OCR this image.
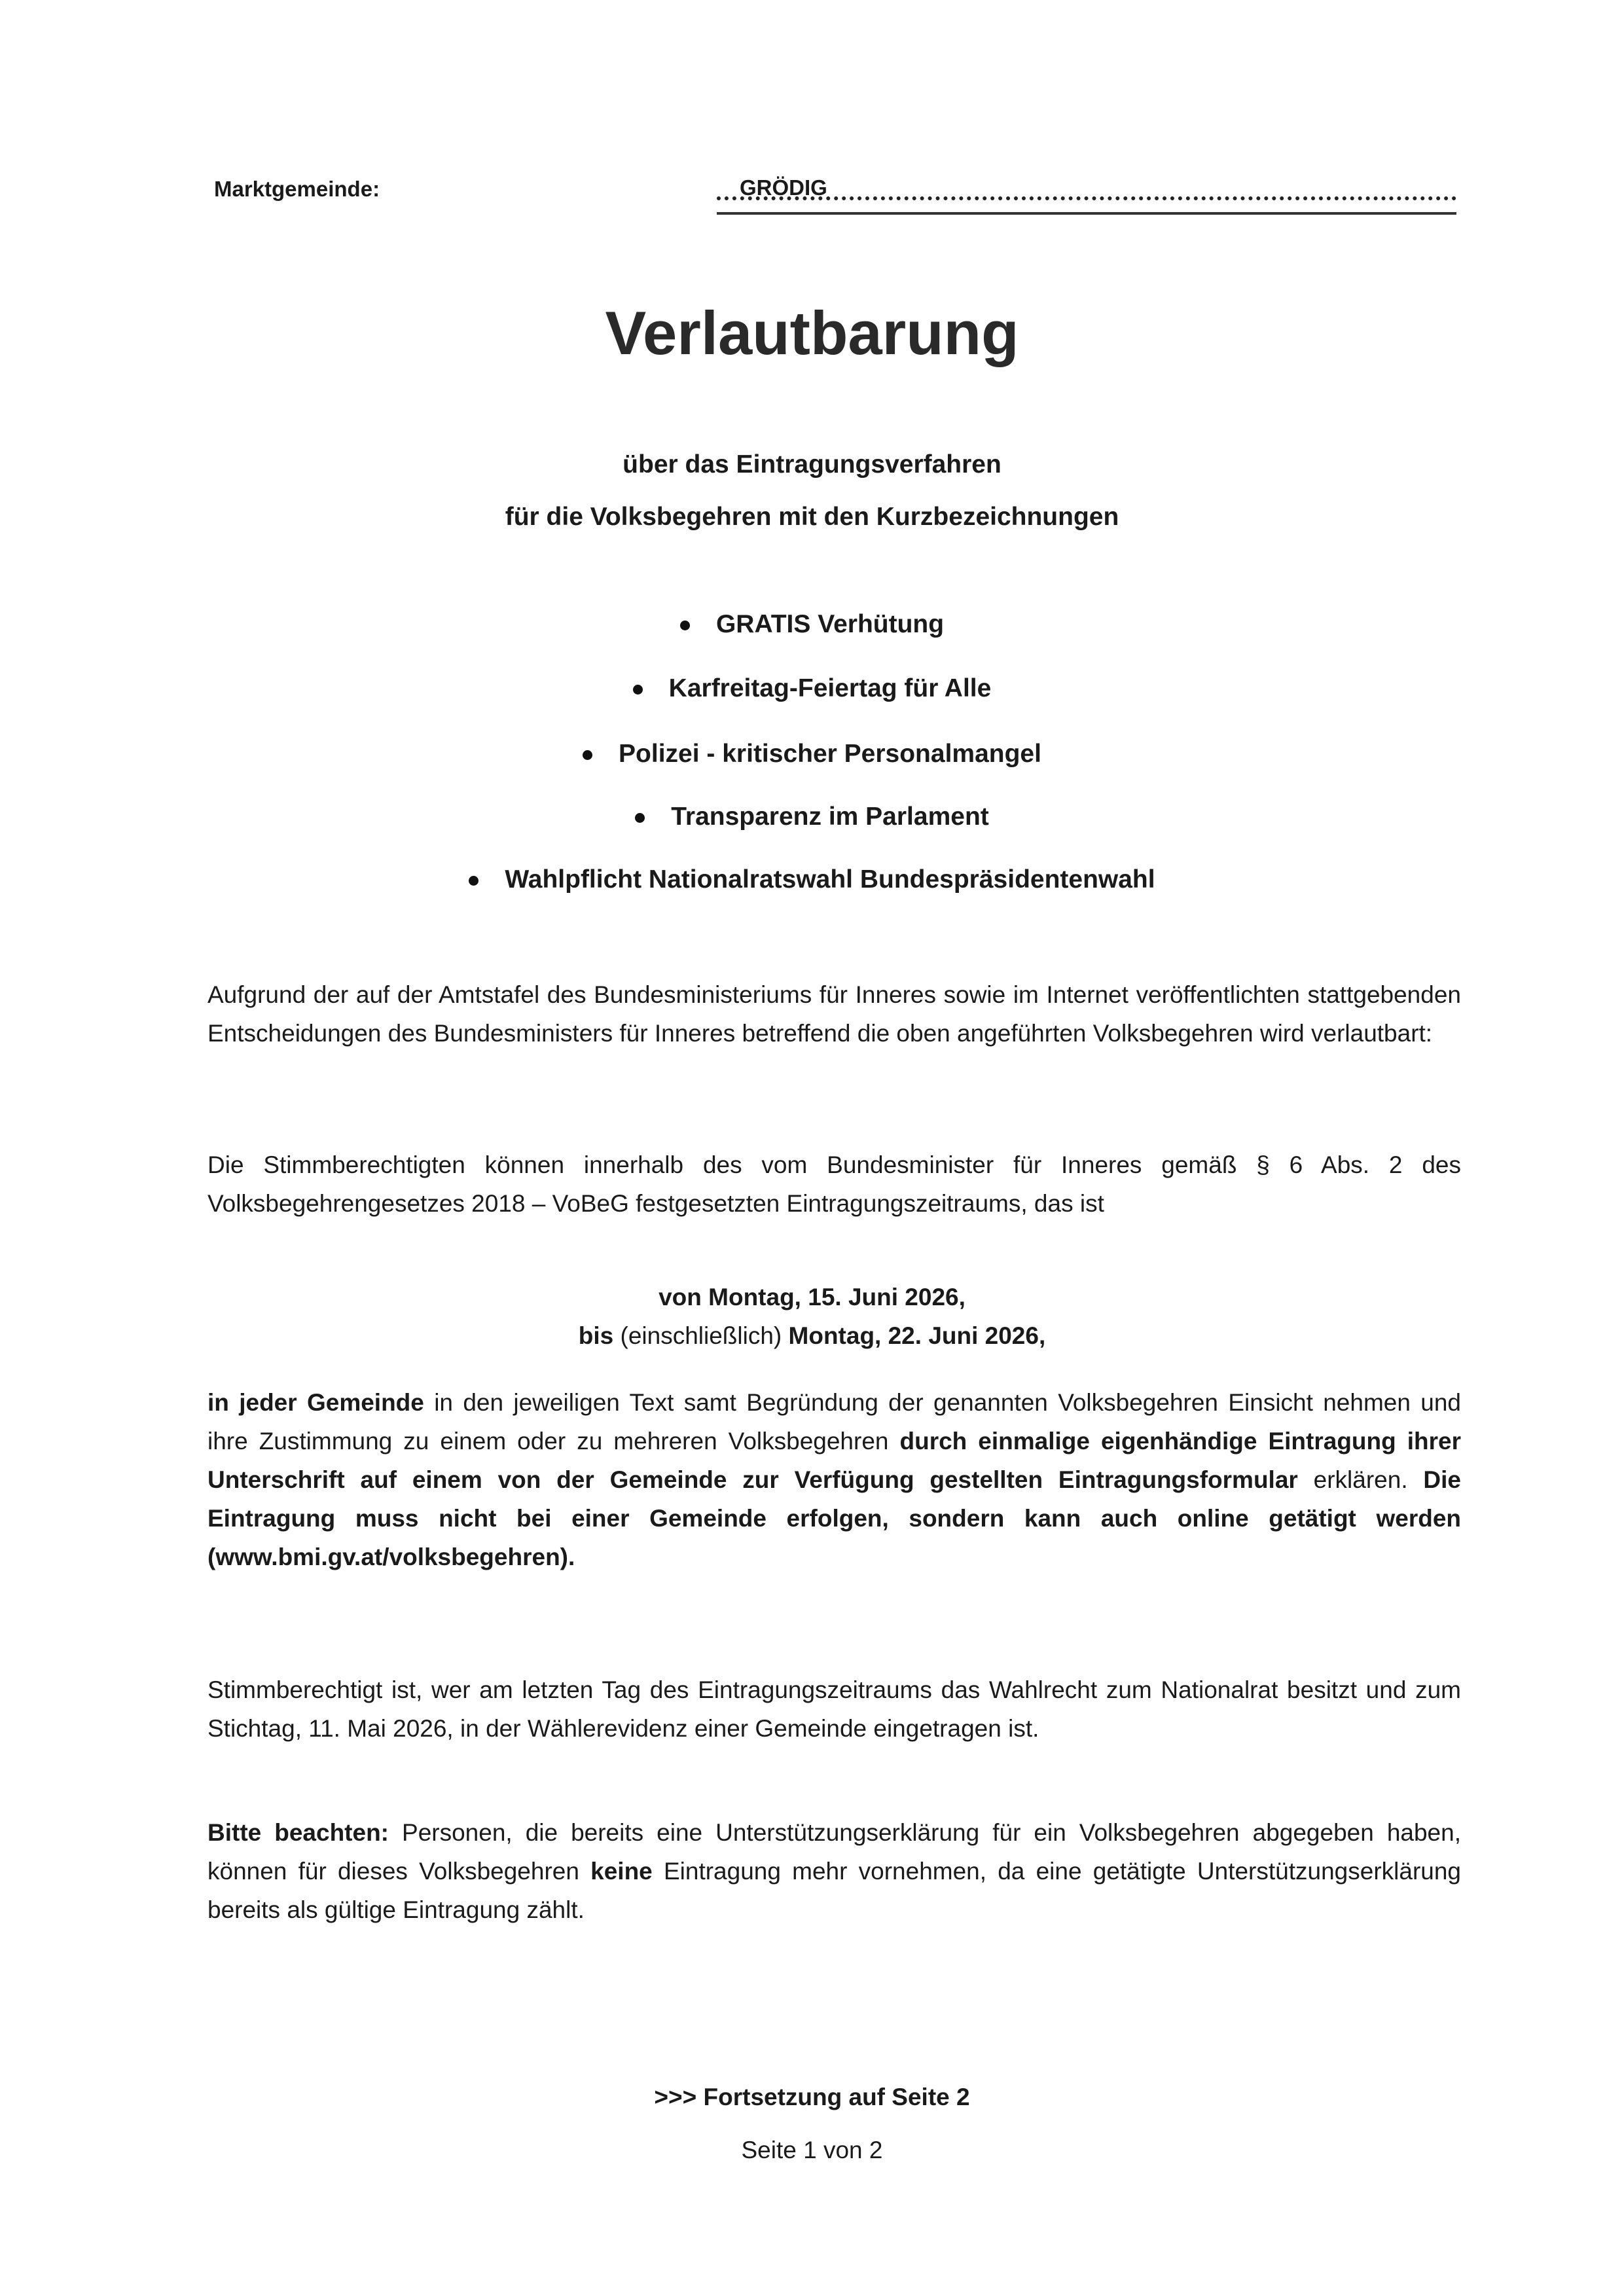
Marktgemeinde:	GRÖDIG
Verlautbarung
über das Eintragungsverfahren
für die Volksbegehren mit den Kurzbezeichnungen
GRATIS Verhütung
Karfreitag-Feiertag für Alle
Polizei - kritischer Personalmangel
Transparenz im Parlament
Wahlpflicht Nationalratswahl Bundespräsidentenwahl
Aufgrund der auf der Amtstafel des Bundesministeriums für Inneres sowie im Internet veröffentlichten stattgebenden Entscheidungen des Bundesministers für Inneres betreffend die oben angeführten Volksbegehren wird verlautbart:
Die Stimmberechtigten können innerhalb des vom Bundesminister für Inneres gemäß § 6 Abs. 2 des Volksbegehrengesetzes 2018 – VoBeG festgesetzten Eintragungszeitraums, das ist
von Montag, 15. Juni 2026,
bis (einschließlich) Montag, 22. Juni 2026,
in jeder Gemeinde in den jeweiligen Text samt Begründung der genannten Volksbegehren Einsicht nehmen und ihre Zustimmung zu einem oder zu mehreren Volksbegehren durch einmalige eigenhändige Eintragung ihrer Unterschrift auf einem von der Gemeinde zur Verfügung gestellten Eintragungsformular erklären. Die Eintragung muss nicht bei einer Gemeinde erfolgen, sondern kann auch online getätigt werden (www.bmi.gv.at/volksbegehren).
Stimmberechtigt ist, wer am letzten Tag des Eintragungszeitraums das Wahlrecht zum Nationalrat besitzt und zum Stichtag, 11. Mai 2026, in der Wählerevidenz einer Gemeinde eingetragen ist.
Bitte beachten: Personen, die bereits eine Unterstützungserklärung für ein Volksbegehren abgegeben haben, können für dieses Volksbegehren keine Eintragung mehr vornehmen, da eine getätigte Unterstützungserklärung bereits als gültige Eintragung zählt.
>>> Fortsetzung auf Seite 2
Seite 1 von 2
